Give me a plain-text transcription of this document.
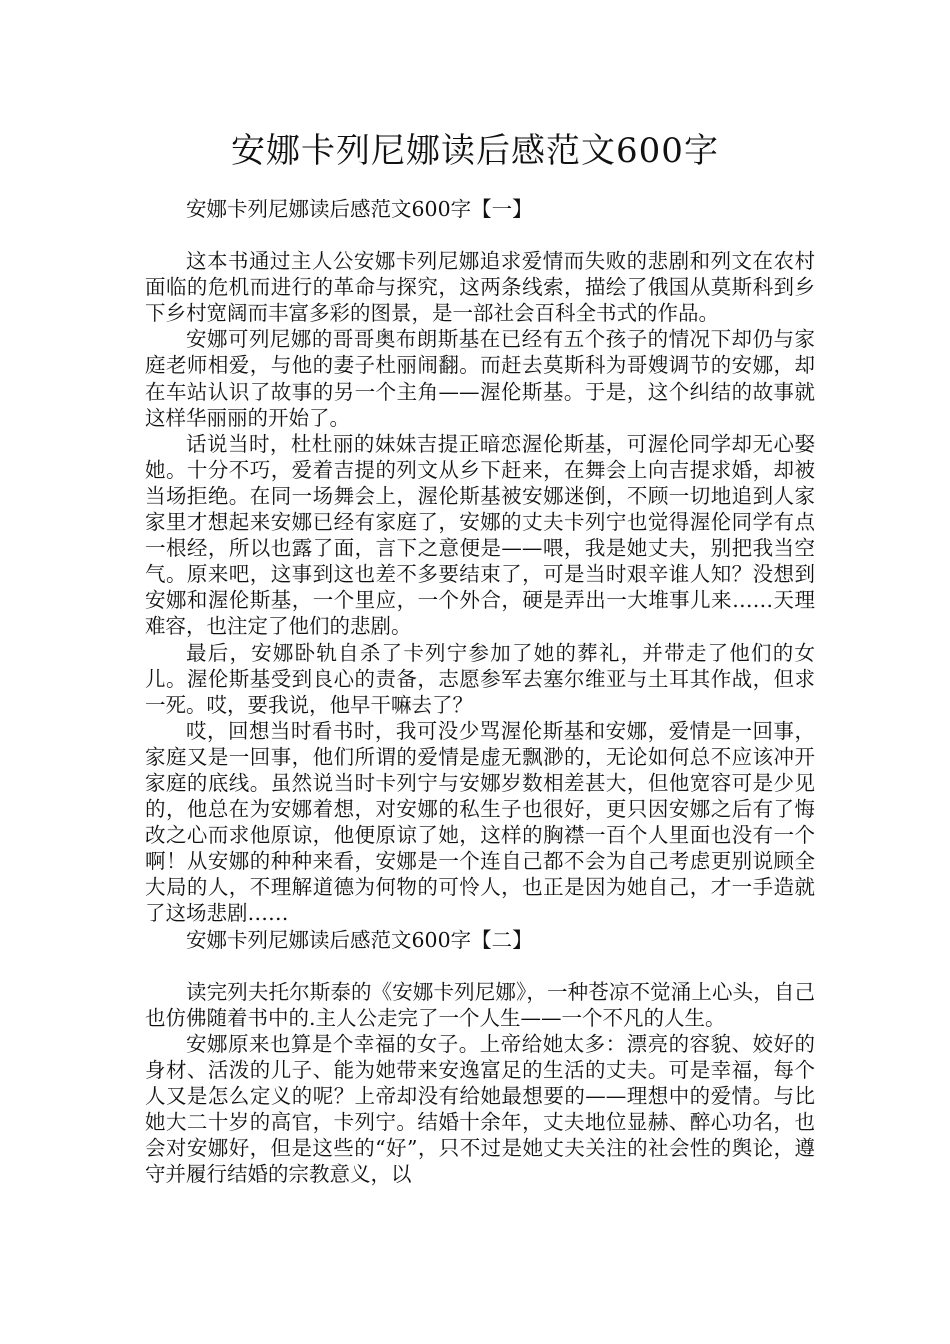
安娜卡列尼娜读后感范文600字

安娜卡列尼娜读后感范文600字【一】

这本书通过主人公安娜卡列尼娜追求爱情而失败的悲剧和列文在农村面临的危机而进行的革命与探究，这两条线索，描绘了俄国从莫斯科到乡下乡村宽阔而丰富多彩的图景，是一部社会百科全书式的作品。

安娜可列尼娜的哥哥奥布朗斯基在已经有五个孩子的情况下却仍与家庭老师相爱，与他的妻子杜丽闹翻。而赶去莫斯科为哥嫂调节的安娜，却在车站认识了故事的另一个主角——渥伦斯基。于是，这个纠结的故事就这样华丽丽的开始了。

话说当时，杜杜丽的妹妹吉提正暗恋渥伦斯基，可渥伦同学却无心娶她。十分不巧，爱着吉提的列文从乡下赶来，在舞会上向吉提求婚，却被当场拒绝。在同一场舞会上，渥伦斯基被安娜迷倒，不顾一切地追到人家家里才想起来安娜已经有家庭了，安娜的丈夫卡列宁也觉得渥伦同学有点一根经，所以也露了面，言下之意便是——喂，我是她丈夫，别把我当空气。原来吧，这事到这也差不多要结束了，可是当时艰辛谁人知？没想到安娜和渥伦斯基，一个里应，一个外合，硬是弄出一大堆事儿来……天理难容，也注定了他们的悲剧。

最后，安娜卧轨自杀了卡列宁参加了她的葬礼，并带走了他们的女儿。渥伦斯基受到良心的责备，志愿参军去塞尔维亚与土耳其作战，但求一死。哎，要我说，他早干嘛去了？

哎，回想当时看书时，我可没少骂渥伦斯基和安娜，爱情是一回事，家庭又是一回事，他们所谓的爱情是虚无飘渺的，无论如何总不应该冲开家庭的底线。虽然说当时卡列宁与安娜岁数相差甚大，但他宽容可是少见的，他总在为安娜着想，对安娜的私生子也很好，更只因安娜之后有了悔改之心而求他原谅，他便原谅了她，这样的胸襟一百个人里面也没有一个啊！从安娜的种种来看，安娜是一个连自己都不会为自己考虑更别说顾全大局的人，不理解道德为何物的可怜人，也正是因为她自己，才一手造就了这场悲剧……

安娜卡列尼娜读后感范文600字【二】

读完列夫托尔斯泰的《安娜卡列尼娜》，一种苍凉不觉涌上心头，自己也仿佛随着书中的.主人公走完了一个人生——一个不凡的人生。

安娜原来也算是个幸福的女子。上帝给她太多：漂亮的容貌、姣好的身材、活泼的儿子、能为她带来安逸富足的生活的丈夫。可是幸福，每个人又是怎么定义的呢？上帝却没有给她最想要的——理想中的爱情。与比她大二十岁的高官，卡列宁。结婚十余年，丈夫地位显赫、醉心功名，也会对安娜好，但是这些的“好”，只不过是她丈夫关注的社会性的舆论，遵守并履行结婚的宗教意义，以
